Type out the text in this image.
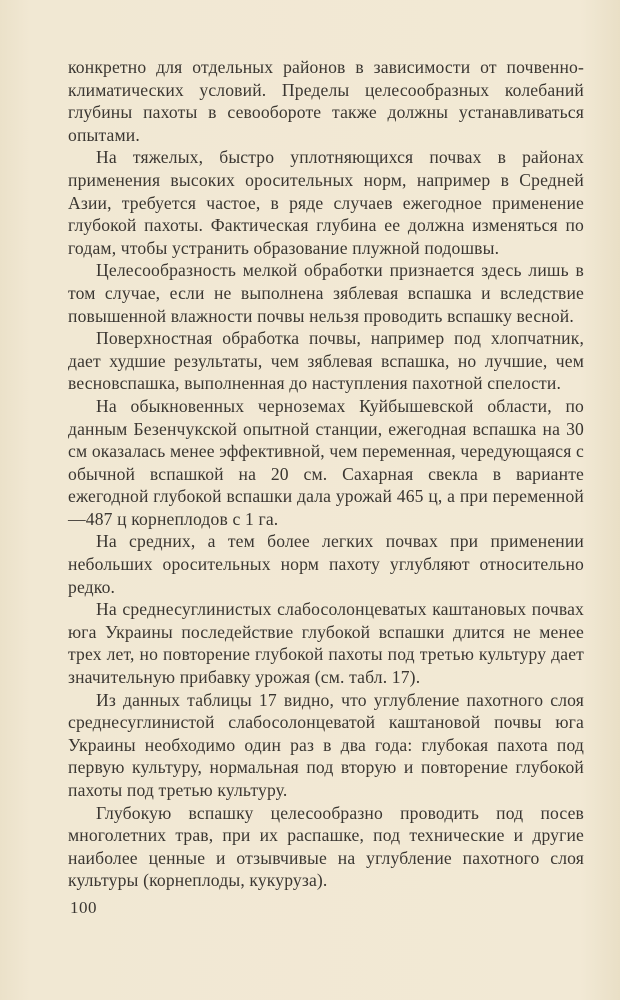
конкретно для отдельных районов в зависимости от почвенно-климатических условий. Пределы целесообразных колебаний глубины пахоты в севообороте также должны устанавливаться опытами.

На тяжелых, быстро уплотняющихся почвах в районах применения высоких оросительных норм, например в Средней Азии, требуется частое, в ряде случаев ежегодное применение глубокой пахоты. Фактическая глубина ее должна изменяться по годам, чтобы устранить образование плужной подошвы.

Целесообразность мелкой обработки признается здесь лишь в том случае, если не выполнена зяблевая вспашка и вследствие повышенной влажности почвы нельзя проводить вспашку весной.

Поверхностная обработка почвы, например под хлопчатник, дает худшие результаты, чем зяблевая вспашка, но лучшие, чем весновспашка, выполненная до наступления пахотной спелости.

На обыкновенных черноземах Куйбышевской области, по данным Безенчукской опытной станции, ежегодная вспашка на 30 см оказалась менее эффективной, чем переменная, чередующаяся с обычной вспашкой на 20 см. Сахарная свекла в варианте ежегодной глубокой вспашки дала урожай 465 ц, а при переменной—487 ц корнеплодов с 1 га.

На средних, а тем более легких почвах при применении небольших оросительных норм пахоту углубляют относительно редко.

На среднесуглинистых слабосолонцеватых каштановых почвах юга Украины последействие глубокой вспашки длится не менее трех лет, но повторение глубокой пахоты под третью культуру дает значительную прибавку урожая (см. табл. 17).

Из данных таблицы 17 видно, что углубление пахотного слоя среднесуглинистой слабосолонцеватой каштановой почвы юга Украины необходимо один раз в два года: глубокая пахота под первую культуру, нормальная под вторую и повторение глубокой пахоты под третью культуру.

Глубокую вспашку целесообразно проводить под посев многолетних трав, при их распашке, под технические и другие наиболее ценные и отзывчивые на углубление пахотного слоя культуры (корнеплоды, кукуруза).

100
